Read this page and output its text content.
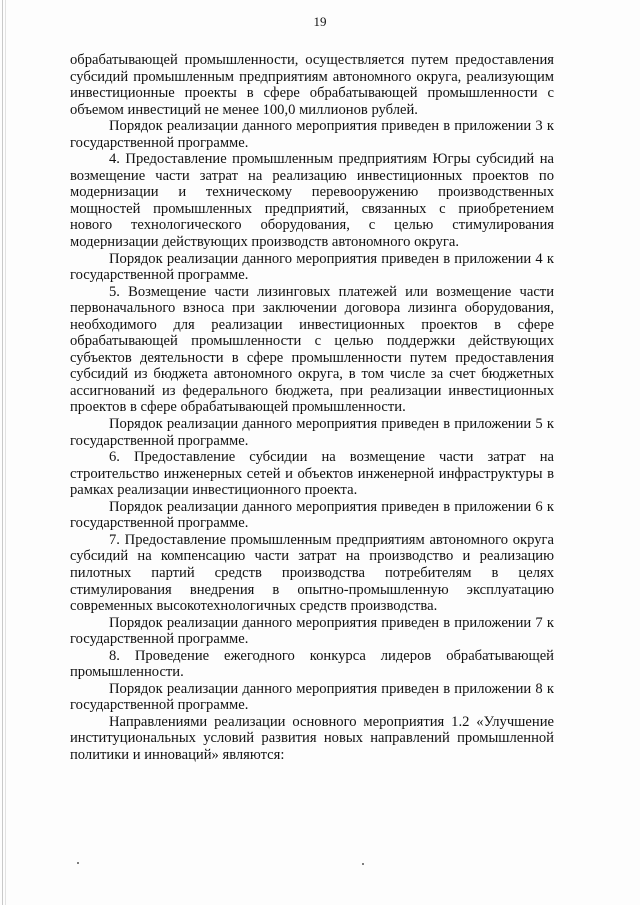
19

обрабатывающей промышленности, осуществляется путем предоставления субсидий промышленным предприятиям автономного округа, реализующим инвестиционные проекты в сфере обрабатывающей промышленности с объемом инвестиций не менее 100,0 миллионов рублей.

Порядок реализации данного мероприятия приведен в приложении 3 к государственной программе.

4. Предоставление промышленным предприятиям Югры субсидий на возмещение части затрат на реализацию инвестиционных проектов по модернизации и техническому перевооружению производственных мощностей промышленных предприятий, связанных с приобретением нового технологического оборудования, с целью стимулирования модернизации действующих производств автономного округа.

Порядок реализации данного мероприятия приведен в приложении 4 к государственной программе.

5. Возмещение части лизинговых платежей или возмещение части первоначального взноса при заключении договора лизинга оборудования, необходимого для реализации инвестиционных проектов в сфере обрабатывающей промышленности с целью поддержки действующих субъектов деятельности в сфере промышленности путем предоставления субсидий из бюджета автономного округа, в том числе за счет бюджетных ассигнований из федерального бюджета, при реализации инвестиционных проектов в сфере обрабатывающей промышленности.

Порядок реализации данного мероприятия приведен в приложении 5 к государственной программе.

6. Предоставление субсидии на возмещение части затрат на строительство инженерных сетей и объектов инженерной инфраструктуры в рамках реализации инвестиционного проекта.

Порядок реализации данного мероприятия приведен в приложении 6 к государственной программе.

7. Предоставление промышленным предприятиям автономного округа субсидий на компенсацию части затрат на производство и реализацию пилотных партий средств производства потребителям в целях стимулирования внедрения в опытно-промышленную эксплуатацию современных высокотехнологичных средств производства.

Порядок реализации данного мероприятия приведен в приложении 7 к государственной программе.

8. Проведение ежегодного конкурса лидеров обрабатывающей промышленности.

Порядок реализации данного мероприятия приведен в приложении 8 к государственной программе.

Направлениями реализации основного мероприятия 1.2 «Улучшение институциональных условий развития новых направлений промышленной политики и инноваций» являются:
